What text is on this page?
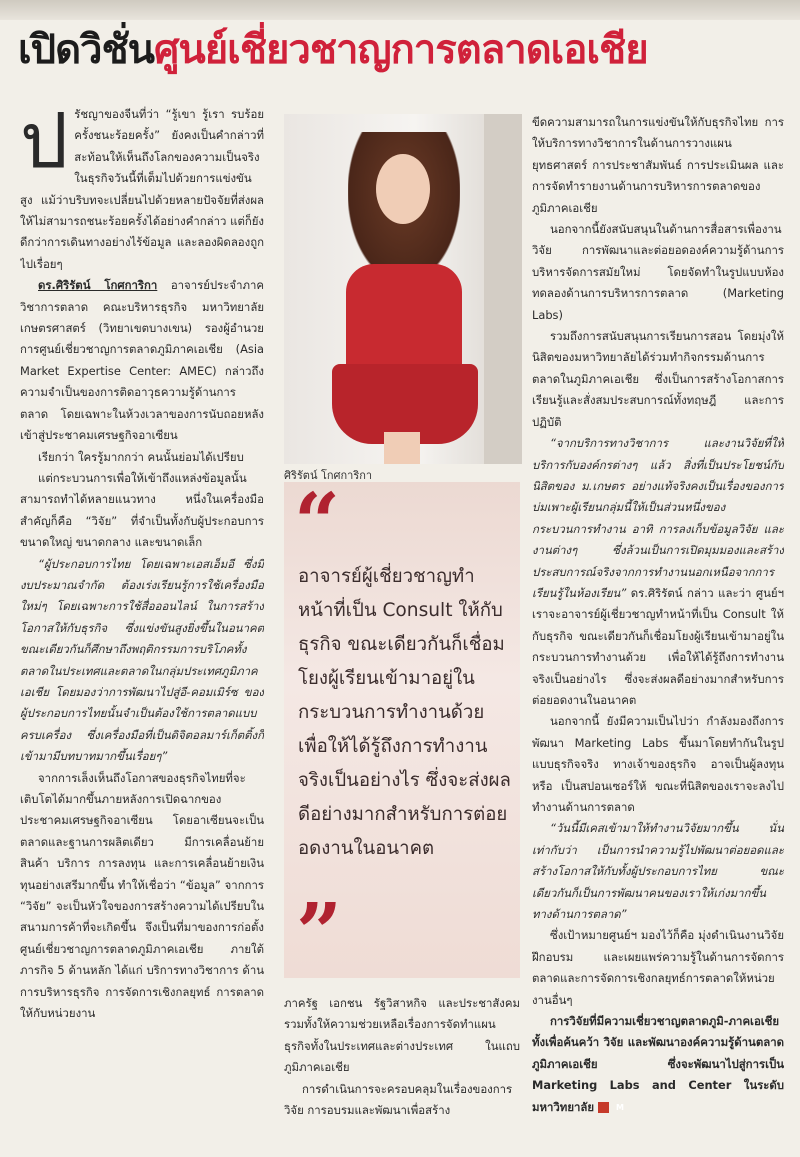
เปิดวิชั่นศูนย์เชี่ยวชาญการตลาดเอเชีย
ป รัชญาของจีนที่ว่า “รู้เขา รู้เรา รบร้อยครั้งชนะร้อยครั้ง” ยังคงเป็นคำกล่าวที่สะท้อนให้เห็นถึงโลกของความเป็นจริงในธุรกิจวันนี้ที่เต็มไปด้วยการแข่งขันสูง แม้ว่าบริบทจะเปลี่ยนไปด้วยหลายปัจจัยที่ส่งผลให้ไม่สามารถชนะร้อยครั้งได้อย่างคำกล่าว แต่ก็ยังดีกว่าการเดินทางอย่างไร้ข้อมูล และลองผิดลองถูกไปเรื่อยๆ

ดร.ศิริรัตน์ โกศการิกา อาจารย์ประจำภาควิชาการตลาด คณะบริหารธุรกิจ มหาวิทยาลัยเกษตรศาสตร์ (วิทยาเขตบางเขน) รองผู้อำนวยการศูนย์เชี่ยวชาญการตลาดภูมิภาคเอเชีย (Asia Market Expertise Center: AMEC) กล่าวถึงความจำเป็นของการติดอาวุธความรู้ด้านการตลาด โดยเฉพาะในห้วงเวลาของการนับถอยหลังเข้าสู่ประชาคมเศรษฐกิจอาเซียน

เรียกว่า ใครรู้มากกว่า คนนั้นย่อมได้เปรียบ

แต่กระบวนการเพื่อให้เข้าถึงแหล่งข้อมูลนั้นสามารถทำได้หลายแนวทาง หนึ่งในเครื่องมือสำคัญก็คือ “วิจัย” ที่จำเป็นทั้งกับผู้ประกอบการขนาดใหญ่ ขนาดกลาง และขนาดเล็ก

“ผู้ประกอบการไทย โดยเฉพาะเอสเอ็มอี ซึ่งมีงบประมาณจำกัด ต้องเร่งเรียนรู้การใช้เครื่องมือใหม่ๆ โดยเฉพาะการใช้สื่อออนไลน์ ในการสร้างโอกาสให้กับธุรกิจ ซึ่งแข่งขันสูงยิ่งขึ้นในอนาคต ขณะเดียวกันก็ศึกษาถึงพฤติกรรมการบริโภคทั้งตลาดในประเทศและตลาดในกลุ่มประเทศภูมิภาคเอเชีย โดยมองว่าการพัฒนาไปสู่อี-คอมเมิร์ซ ของผู้ประกอบการไทยนั้นจำเป็นต้องใช้การตลาดแบบครบเครื่อง ซึ่งเครื่องมือที่เป็นดิจิตอลมาร์เก็ตติ้งก็เข้ามามีบทบาทมากขึ้นเรื่อยๆ”

จากการเล็งเห็นถึงโอกาสของธุรกิจไทยที่จะเติบโตได้มากขึ้นภายหลังการเปิดฉากของประชาคมเศรษฐกิจอาเซียน โดยอาเซียนจะเป็นตลาดและฐานการผลิตเดียว มีการเคลื่อนย้ายสินค้า บริการ การลงทุน และการเคลื่อนย้ายเงินทุนอย่างเสรีมากขึ้น ทำให้เชื่อว่า “ข้อมูล” จากการ “วิจัย” จะเป็นหัวใจของการสร้างความได้เปรียบในสนามการค้าที่จะเกิดขึ้น จึงเป็นที่มาของการก่อตั้งศูนย์เชี่ยวชาญการตลาดภูมิภาคเอเชีย ภายใต้ภารกิจ 5 ด้านหลัก ได้แก่ บริการทางวิชาการ ด้านการบริหารธุรกิจ การจัดการเชิงกลยุทธ์ การตลาด ให้กับหน่วยงาน

ศิริรัตน์ โกศการิกา
“

อาจารย์ผู้เชี่ยวชาญทำหน้าที่เป็น Consult ให้กับธุรกิจ ขณะเดียวกันก็เชื่อมโยงผู้เรียนเข้ามาอยู่ในกระบวนการทำงานด้วย เพื่อให้ได้รู้ถึงการทำงานจริงเป็นอย่างไร ซึ่งจะส่งผลดีอย่างมากสำหรับการต่อยอดงานในอนาคต

”

ภาครัฐ เอกชน รัฐวิสาหกิจ และประชาสังคม รวมทั้งให้ความช่วยเหลือเรื่องการจัดทำแผนธุรกิจทั้งในประเทศและต่างประเทศ ในแถบภูมิภาคเอเชีย

การดำเนินการจะครอบคลุมในเรื่องของการวิจัย การอบรมและพัฒนาเพื่อสร้าง

ขีดความสามารถในการแข่งขันให้กับธุรกิจไทย การให้บริการทางวิชาการในด้านการวางแผนยุทธศาสตร์ การประชาสัมพันธ์ การประเมินผล และการจัดทำรายงานด้านการบริหารการตลาดของภูมิภาคเอเชีย

นอกจากนี้ยังสนับสนุนในด้านการสื่อสารเพื่องานวิจัย การพัฒนาและต่อยอดองค์ความรู้ด้านการบริหารจัดการสมัยใหม่ โดยจัดทำในรูปแบบห้องทดลองด้านการบริหารการตลาด (Marketing Labs)

รวมถึงการสนับสนุนการเรียนการสอน โดยมุ่งให้นิสิตของมหาวิทยาลัยได้ร่วมทำกิจกรรมด้านการตลาดในภูมิภาคเอเชีย ซึ่งเป็นการสร้างโอกาสการเรียนรู้และสั่งสมประสบการณ์ทั้งทฤษฎี และการปฏิบัติ

“จากบริการทางวิชาการ และงานวิจัยที่ให้บริการกับองค์กรต่างๆ แล้ว สิ่งที่เป็นประโยชน์กับนิสิตของ ม.เกษตร อย่างแท้จริงคงเป็นเรื่องของการบ่มเพาะผู้เรียนกลุ่มนี้ให้เป็นส่วนหนึ่งของกระบวนการทำงาน อาทิ การลงเก็บข้อมูลวิจัย และงานต่างๆ ซึ่งล้วนเป็นการเปิดมุมมองและสร้างประสบการณ์จริงจากการทำงานนอกเหนือจากการเรียนรู้ในห้องเรียน” ดร.ศิริรัตน์ กล่าว และว่า ศูนย์ฯ เราจะอาจารย์ผู้เชี่ยวชาญทำหน้าที่เป็น Consult ให้กับธุรกิจ ขณะเดียวกันก็เชื่อมโยงผู้เรียนเข้ามาอยู่ในกระบวนการทำงานด้วย เพื่อให้ได้รู้ถึงการทำงานจริงเป็นอย่างไร ซึ่งจะส่งผลดีอย่างมากสำหรับการต่อยอดงานในอนาคต

นอกจากนี้ ยังมีความเป็นไปว่า กำลังมองถึงการพัฒนา Marketing Labs ขึ้นมาโดยทำกันในรูปแบบธุรกิจจริง ทางเจ้าของธุรกิจ อาจเป็นผู้ลงทุน หรือ เป็นสปอนเซอร์ให้ ขณะที่นิสิตของเราจะลงไปทำงานด้านการตลาด

“วันนี้มีเคสเข้ามาให้ทำงานวิจัยมากขึ้น นั่นเท่ากับว่า เป็นการนำความรู้ไปพัฒนาต่อยอดและสร้างโอกาสให้กับทั้งผู้ประกอบการไทย ขณะเดียวกันก็เป็นการพัฒนาคนของเราให้เก่งมากขึ้นทางด้านการตลาด”

ซึ่งเป้าหมายศูนย์ฯ มองไว้ก็คือ มุ่งดำเนินงานวิจัย ฝึกอบรม และเผยแพร่ความรู้ในด้านการจัดการตลาดและการจัดการเชิงกลยุทธ์การตลาดให้หน่วยงานอื่นๆ

การวิจัยที่มีความเชี่ยวชาญตลาดภูมิ-ภาคเอเชีย ทั้งเพื่อค้นคว้า วิจัย และพัฒนาองค์ความรู้ด้านตลาดภูมิภาคเอเชีย ซึ่งจะพัฒนาไปสู่การเป็น Marketing Labs and Center ในระดับมหาวิทยาลัย	M
